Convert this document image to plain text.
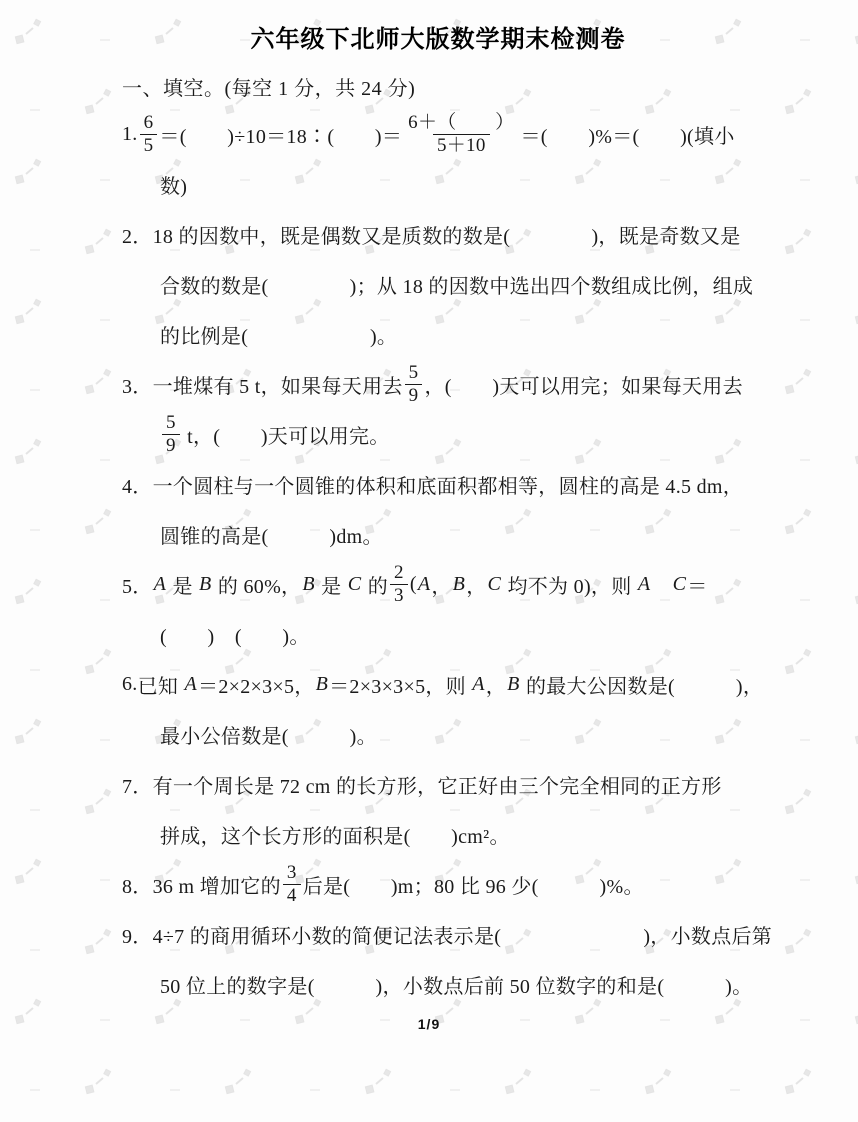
六年级下北师大版数学期末检测卷
一、填空。(每空 1 分，共 24 分)
1. $\frac{6}{5}$ ＝(　　)÷10＝18∶(　　)＝ $\frac{6+( )}{5+10}$ ＝(　　)%＝(　　)(填小
数)
2． 18 的因数中，既是偶数又是质数的数是(　　　　)，既是奇数又是
合数的数是(　　　　)；从 18 的因数中选出四个数组成比例，组成
的比例是(　　　　　　)。
3． 一堆煤有 5 t，如果每天用去 $\frac{5}{9}$ ，(　　)天可以用完；如果每天用去
$\frac{5}{9}$ t，(　　)天可以用完。
4． 一个圆柱与一个圆锥的体积和底面积都相等，圆柱的高是 4.5 dm，
圆锥的高是(　　　)dm。
5． A 是 B 的 60%， B 是 C 的 $\frac{2}{3}$ ( A ， B ， C 均不为 0)，则 A
　 C ＝
(　　)　(　　)。
6. 已知 A ＝2×2×3×5， B ＝2×3×3×5，则 A ， B 的最大公因数是(　　　)，
最小公倍数是(　　　)。
7． 有一个周长是 72 cm 的长方形，它正好由三个完全相同的正方形
拼成，这个长方形的面积是(　　)cm²。
8． 36 m 增加它的 $\frac{3}{4}$ 后是(　　)m；80 比 96 少(　　　)%。
9． 4÷7 的商用循环小数的简便记法表示是(　　　　　　　)，小数点后第
50 位上的数字是(　　　)，小数点后前 50 位数字的和是(　　　)。
1/9
